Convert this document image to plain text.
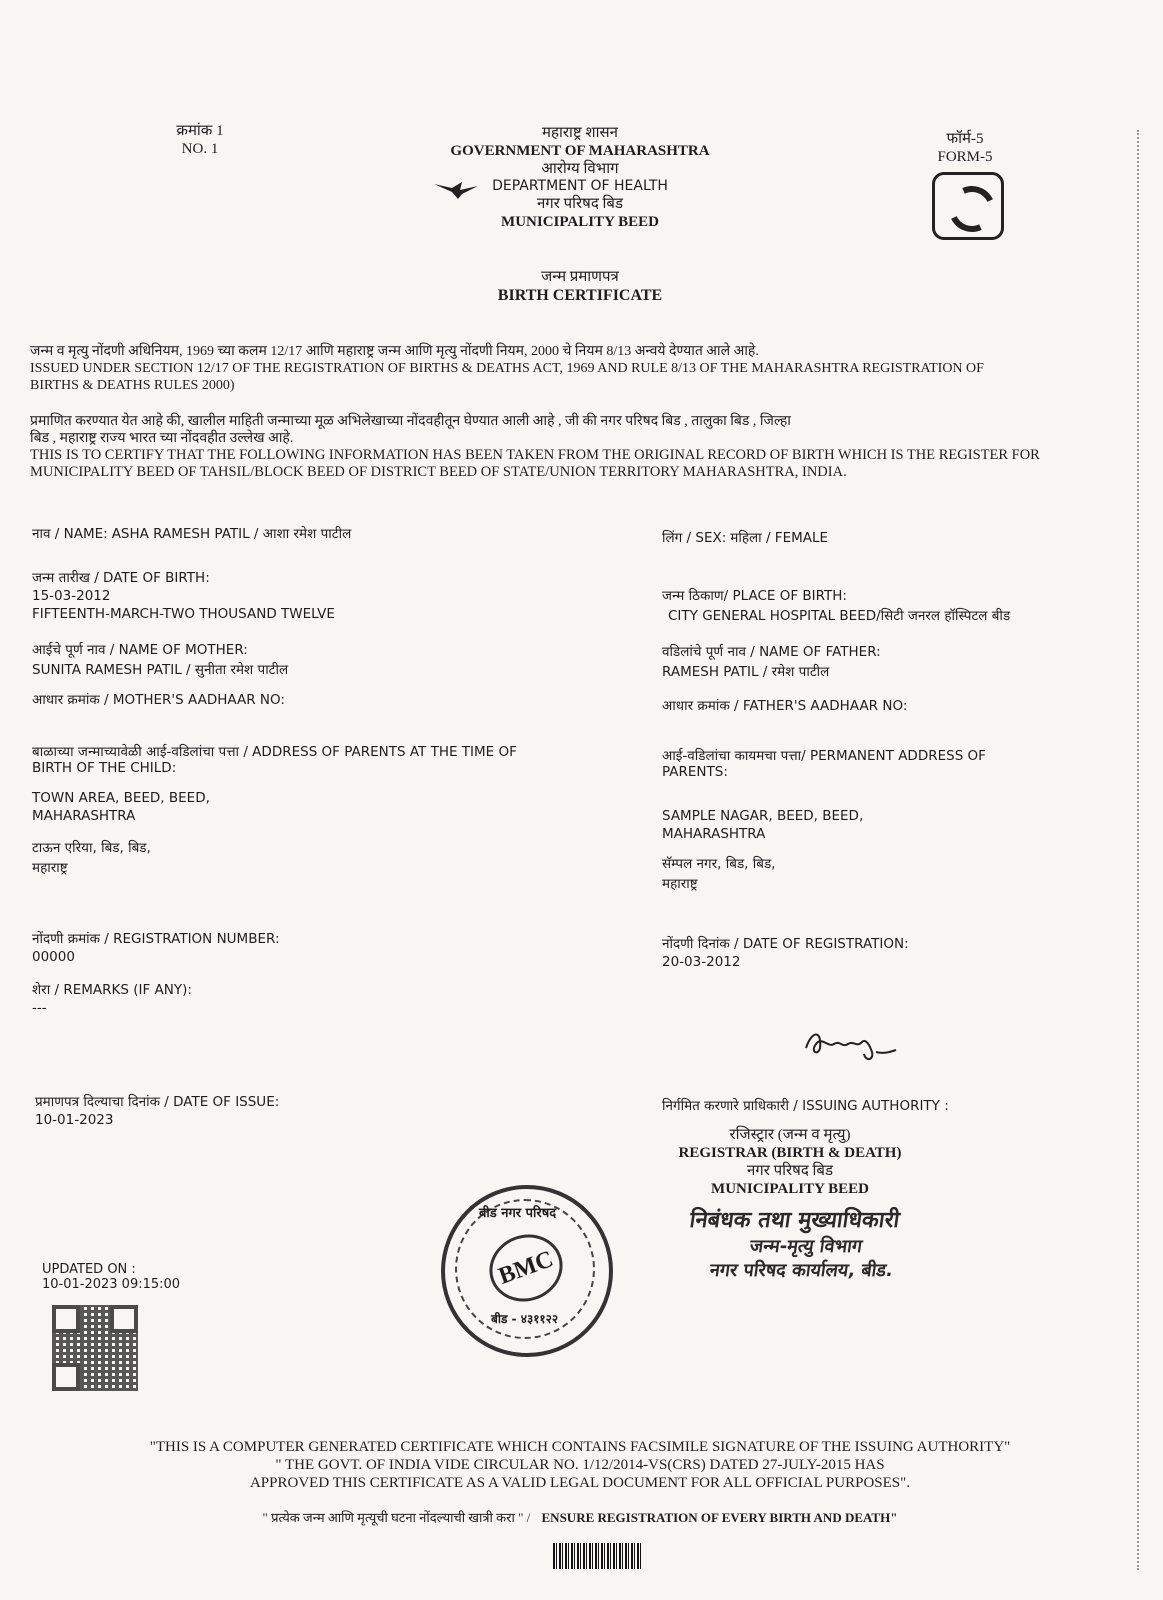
क्रमांक 1
NO. 1
महाराष्ट्र शासन
GOVERNMENT OF MAHARASHTRA
आरोग्य विभाग
DEPARTMENT OF HEALTH
नगर परिषद बिड
MUNICIPALITY BEED
फॉर्म-5
FORM-5
जन्म प्रमाणपत्र
BIRTH CERTIFICATE
जन्म व मृत्यु नोंदणी अधिनियम, 1969 च्या कलम 12/17 आणि महाराष्ट्र जन्म आणि मृत्यु नोंदणी नियम, 2000 चे नियम 8/13 अन्वये देण्यात आले आहे.
ISSUED UNDER SECTION 12/17 OF THE REGISTRATION OF BIRTHS & DEATHS ACT, 1969 AND RULE 8/13 OF THE MAHARASHTRA REGISTRATION OF
BIRTHS & DEATHS RULES 2000)
प्रमाणित करण्यात येत आहे की, खालील माहिती जन्माच्या मूळ अभिलेखाच्या नोंदवहीतून घेण्यात आली आहे , जी की नगर परिषद बिड , तालुका बिड , जिल्हा
बिड , महाराष्ट्र राज्य भारत च्या नोंदवहीत उल्लेख आहे.
THIS IS TO CERTIFY THAT THE FOLLOWING INFORMATION HAS BEEN TAKEN FROM THE ORIGINAL RECORD OF BIRTH WHICH IS THE REGISTER FOR
MUNICIPALITY BEED OF TAHSIL/BLOCK BEED OF DISTRICT BEED OF STATE/UNION TERRITORY MAHARASHTRA, INDIA.
नाव / NAME: ASHA RAMESH PATIL / आशा रमेश पाटील
जन्म तारीख / DATE OF BIRTH:
15-03-2012
FIFTEENTH-MARCH-TWO THOUSAND TWELVE
आईचे पूर्ण नाव / NAME OF MOTHER:
SUNITA RAMESH PATIL / सुनीता रमेश पाटील
आधार क्रमांक / MOTHER'S AADHAAR NO:
बाळाच्या जन्माच्यावेळी आई-वडिलांचा पत्ता / ADDRESS OF PARENTS AT THE TIME OF
BIRTH OF THE CHILD:
TOWN AREA, BEED, BEED,
MAHARASHTRA
टाऊन एरिया, बिड, बिड,
महाराष्ट्र
नोंदणी क्रमांक / REGISTRATION NUMBER:
00000
शेरा / REMARKS (IF ANY):
---
प्रमाणपत्र दिल्याचा दिनांक / DATE OF ISSUE:
10-01-2023
लिंग / SEX: महिला / FEMALE
जन्म ठिकाण/ PLACE OF BIRTH:
CITY GENERAL HOSPITAL BEED/सिटी जनरल हॉस्पिटल बीड
वडिलांचे पूर्ण नाव / NAME OF FATHER:
RAMESH PATIL / रमेश पाटील
आधार क्रमांक / FATHER'S AADHAAR NO:
आई-वडिलांचा कायमचा पत्ता/ PERMANENT ADDRESS OF
PARENTS:
SAMPLE NAGAR, BEED, BEED,
MAHARASHTRA
सॅम्पल नगर, बिड, बिड,
महाराष्ट्र
नोंदणी दिनांक / DATE OF REGISTRATION:
20-03-2012
निर्गमित करणारे प्राधिकारी / ISSUING AUTHORITY :
रजिस्ट्रार (जन्म व मृत्यु)
REGISTRAR (BIRTH & DEATH)
नगर परिषद बिड
MUNICIPALITY BEED
निबंधक तथा मुख्याधिकारी
जन्म-मृत्यु विभाग
नगर परिषद कार्यालय, बीड.
बीड नगर परिषद
BMC
बीड - ४३११२२
UPDATED ON :
10-01-2023 09:15:00
"THIS IS A COMPUTER GENERATED CERTIFICATE WHICH CONTAINS FACSIMILE SIGNATURE OF THE ISSUING AUTHORITY"
" THE GOVT. OF INDIA VIDE CIRCULAR NO. 1/12/2014-VS(CRS) DATED 27-JULY-2015 HAS
APPROVED THIS CERTIFICATE AS A VALID LEGAL DOCUMENT FOR ALL OFFICIAL PURPOSES".
" प्रत्येक जन्म आणि मृत्यूची घटना नोंदल्याची खात्री करा " / ENSURE REGISTRATION OF EVERY BIRTH AND DEATH"
